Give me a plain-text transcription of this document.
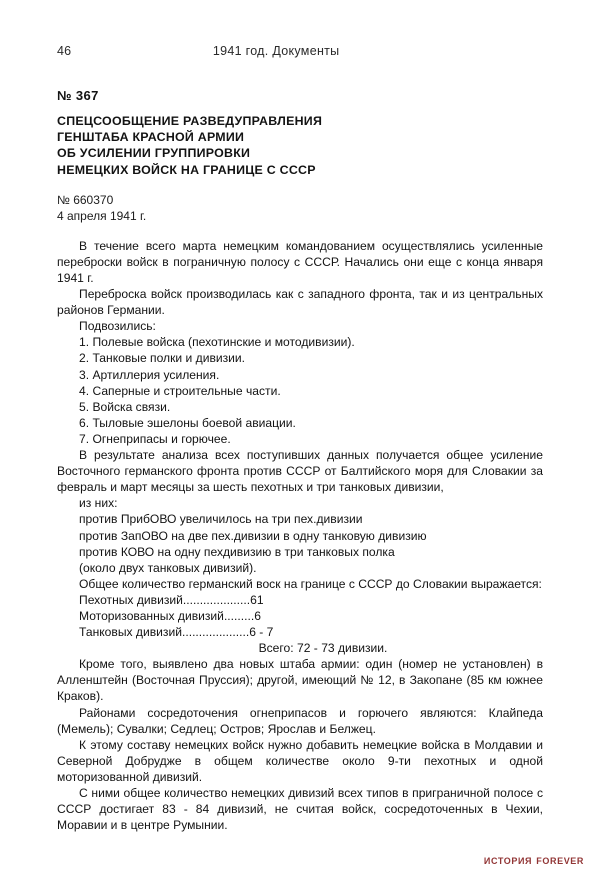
46	1941 год. Документы
№ 367
СПЕЦСООБЩЕНИЕ РАЗВЕДУПРАВЛЕНИЯ
ГЕНШТАБА КРАСНОЙ АРМИИ
ОБ УСИЛЕНИИ ГРУППИРОВКИ
НЕМЕЦКИХ ВОЙСК НА ГРАНИЦЕ С СССР
№ 660370
4 апреля 1941 г.

В течение всего марта немецким командованием осуществлялись усиленные переброски войск в пограничную полосу с СССР. Начались они еще с конца января 1941 г.

Переброска войск производилась как с западного фронта, так и из центральных районов Германии.

Подвозились:

1. Полевые войска (пехотинские и мотодивизии).
2. Танковые полки и дивизии.
3. Артиллерия усиления.
4. Саперные и строительные части.
5. Войска связи.
6. Тыловые эшелоны боевой авиации.
7. Огнеприпасы и горючее.

В результате анализа всех поступивших данных получается общее усиление Восточного германского фронта против СССР от Балтийского моря для Словакии за февраль и март месяцы за шесть пехотных и три танковых дивизии,

из них:

против ПрибОВО увеличилось на три пех.дивизии

против ЗапОВО на две пех.дивизии в одну танковую дивизию

против КОВО на одну пехдивизию в три танковых полка

(около двух танковых дивизий).

Общее количество германский воск на границе с СССР до Словакии выражается:

Пехотных дивизий....................61
Моторизованных дивизий.........6
Танковых дивизий....................6 - 7
Всего: 72 - 73 дивизии.

Кроме того, выявлено два новых штаба армии: один (номер не установлен) в Алленштейн (Восточная Пруссия); другой, имеющий № 12, в Закопане (85 км южнее Краков).

Районами сосредоточения огнеприпасов и горючего являются: Клайпеда (Мемель); Сувалки; Седлец; Остров; Ярослав и Белжец.

К этому составу немецких войск нужно добавить немецкие войска в Молдавии и Северной Добрудже в общем количестве около 9-ти пехотных и одной моторизованной дивизий.

С ними общее количество немецких дивизий всех типов в приграничной полосе с СССР достигает 83 - 84 дивизий, не считая войск, сосредоточенных в Чехии, Моравии и в центре Румынии.

история forever
